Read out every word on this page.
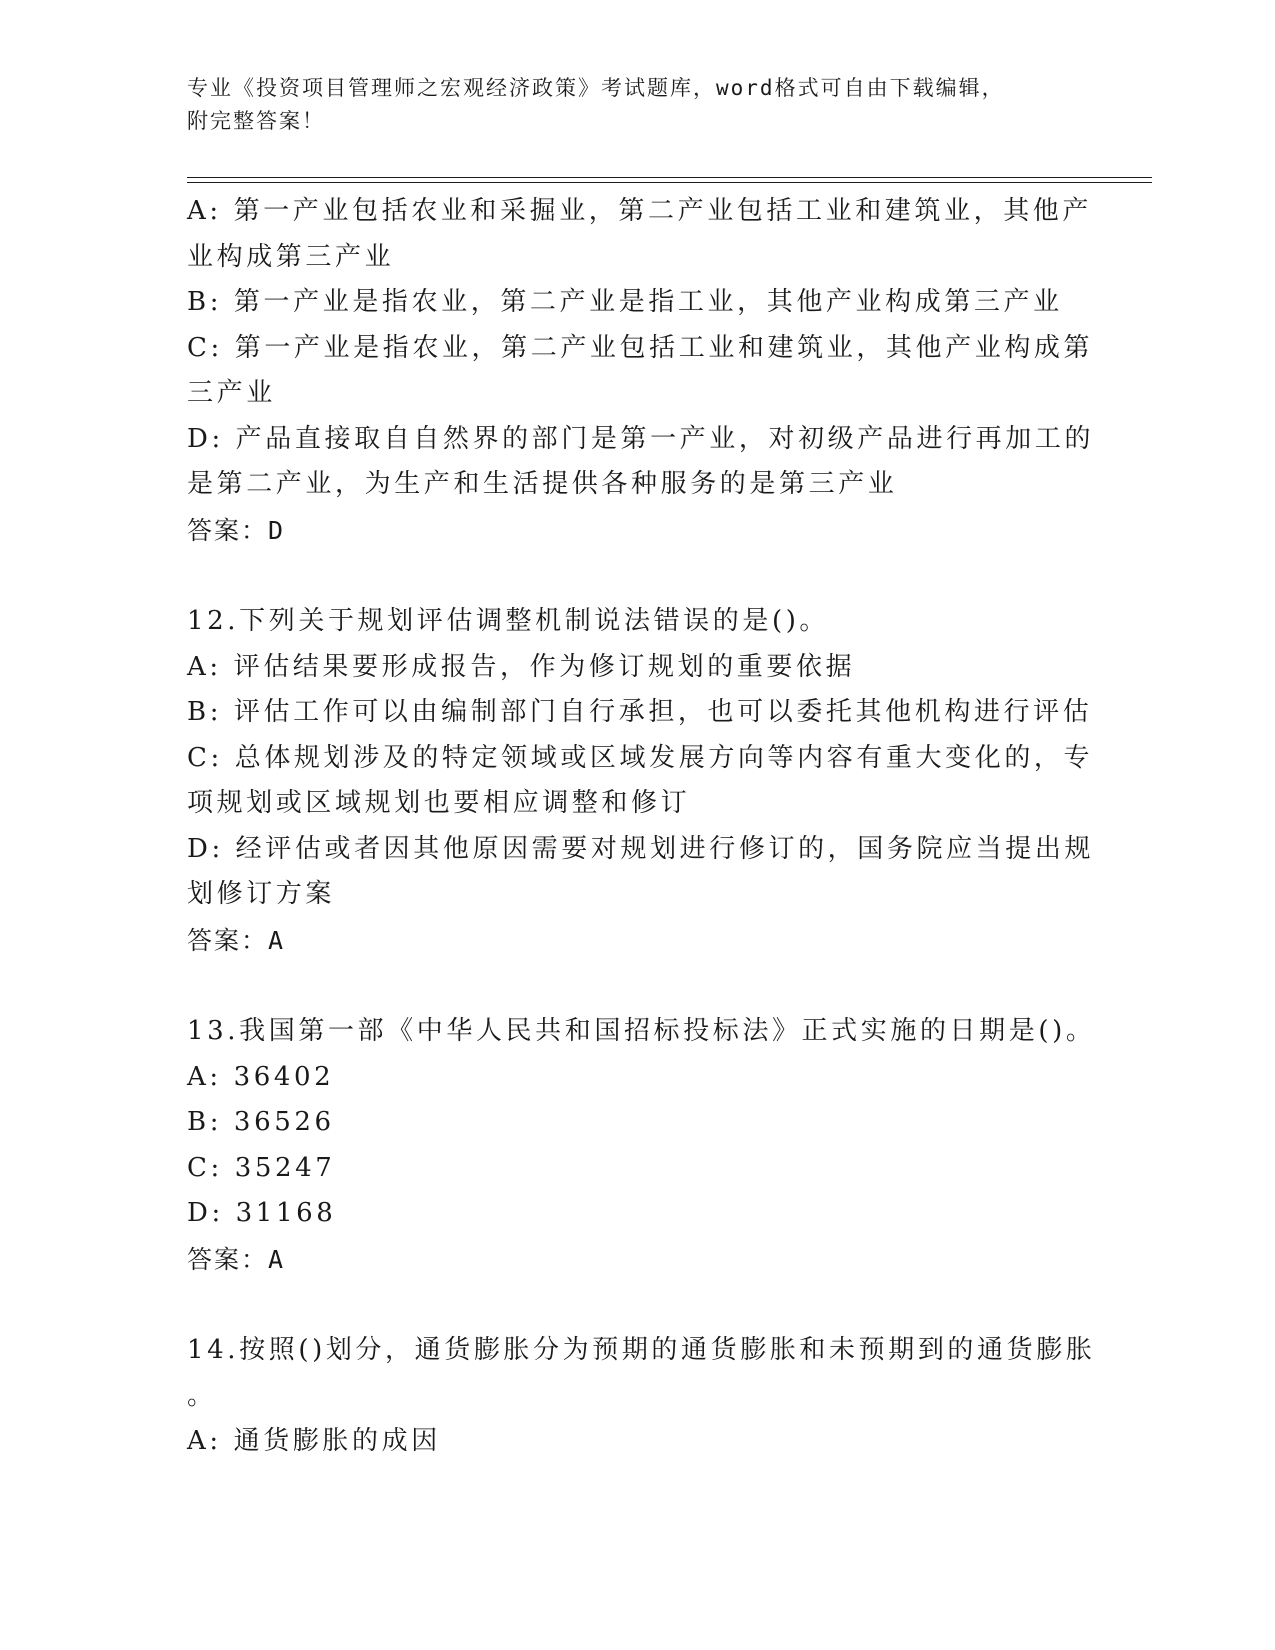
专业《投资项目管理师之宏观经济政策》考试题库，word格式可自由下载编辑，
附完整答案！
A: 第一产业包括农业和采掘业，第二产业包括工业和建筑业，其他产
业构成第三产业
B: 第一产业是指农业，第二产业是指工业，其他产业构成第三产业
C: 第一产业是指农业，第二产业包括工业和建筑业，其他产业构成第
三产业
D: 产品直接取自自然界的部门是第一产业，对初级产品进行再加工的
是第二产业，为生产和生活提供各种服务的是第三产业
答案：D
12.下列关于规划评估调整机制说法错误的是()。
A: 评估结果要形成报告，作为修订规划的重要依据
B: 评估工作可以由编制部门自行承担，也可以委托其他机构进行评估
C: 总体规划涉及的特定领域或区域发展方向等内容有重大变化的，专
项规划或区域规划也要相应调整和修订
D: 经评估或者因其他原因需要对规划进行修订的，国务院应当提出规
划修订方案
答案：A
13.我国第一部《中华人民共和国招标投标法》正式实施的日期是()。
A: 36402
B: 36526
C: 35247
D: 31168
答案：A
14.按照()划分，通货膨胀分为预期的通货膨胀和未预期到的通货膨胀
。
A: 通货膨胀的成因
